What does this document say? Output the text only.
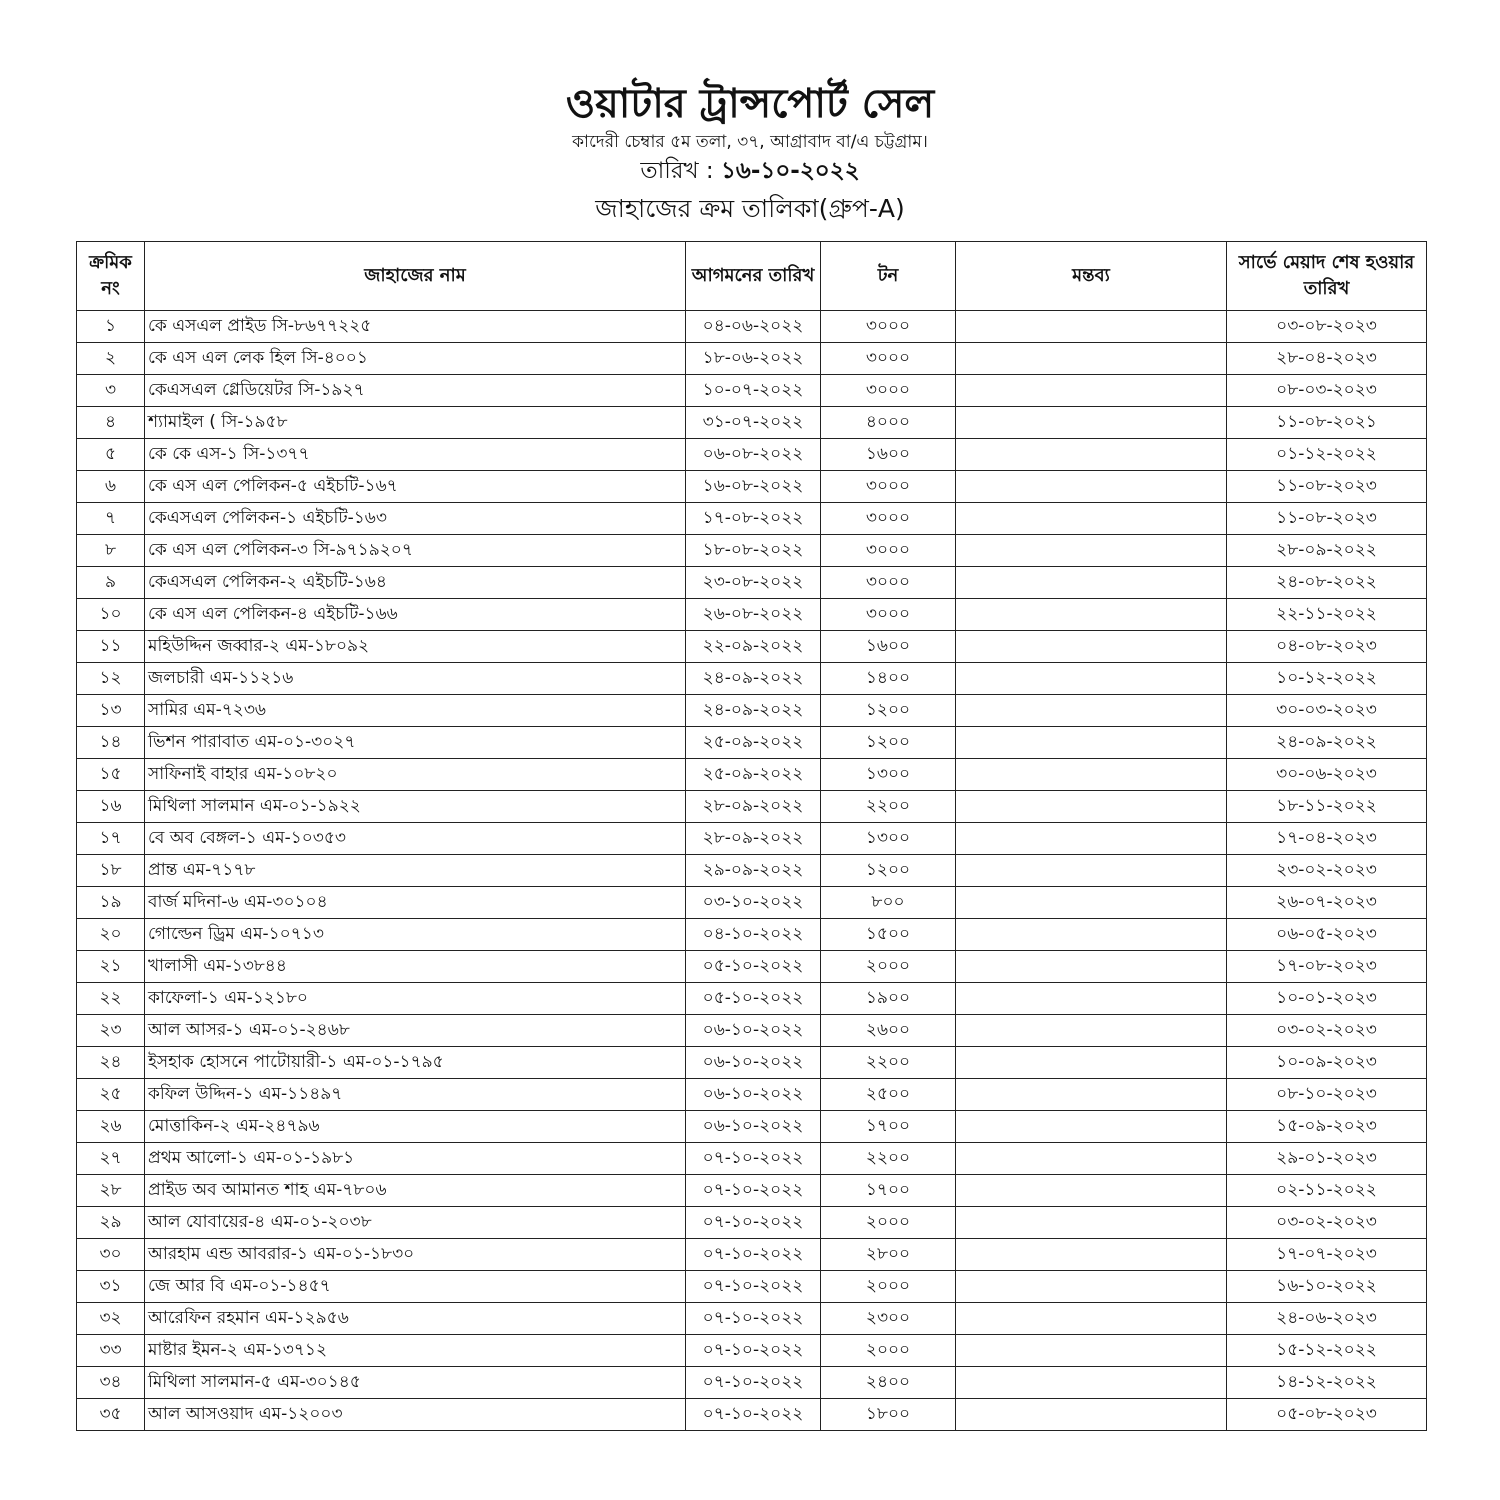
ওয়াটার ট্রান্সপোর্ট সেল
কাদেরী চেম্বার ৫ম তলা, ৩৭, আগ্রাবাদ বা/এ চট্টগ্রাম।
তারিখ : ১৬-১০-২০২২
জাহাজের ক্রম তালিকা(গ্রুপ-A)
ক্রমিক নং	জাহাজের নাম	আগমনের তারিখ	টন	মন্তব্য	সার্ভে মেয়াদ শেষ হওয়ার তারিখ
১	কে এসএল প্রাইড সি-৮৬৭৭২২৫	০৪-০৬-২০২২	৩০০০		০৩-০৮-২০২৩
২	কে এস এল লেক হিল সি-৪০০১	১৮-০৬-২০২২	৩০০০		২৮-০৪-২০২৩
৩	কেএসএল গ্লেডিয়েটর সি-১৯২৭	১০-০৭-২০২২	৩০০০		০৮-০৩-২০২৩
৪	শ্যামাইল ( সি-১৯৫৮	৩১-০৭-২০২২	৪০০০		১১-০৮-২০২১
৫	কে কে এস-১ সি-১৩৭৭	০৬-০৮-২০২২	১৬০০		০১-১২-২০২২
৬	কে এস এল পেলিকন-৫ এইচটি-১৬৭	১৬-০৮-২০২২	৩০০০		১১-০৮-২০২৩
৭	কেএসএল পেলিকন-১ এইচটি-১৬৩	১৭-০৮-২০২২	৩০০০		১১-০৮-২০২৩
৮	কে এস এল পেলিকন-৩ সি-৯৭১৯২০৭	১৮-০৮-২০২২	৩০০০		২৮-০৯-২০২২
৯	কেএসএল পেলিকন-২ এইচটি-১৬৪	২৩-০৮-২০২২	৩০০০		২৪-০৮-২০২২
১০	কে এস এল পেলিকন-৪ এইচটি-১৬৬	২৬-০৮-২০২২	৩০০০		২২-১১-২০২২
১১	মহিউদ্দিন জব্বার-২ এম-১৮০৯২	২২-০৯-২০২২	১৬০০		০৪-০৮-২০২৩
১২	জলচারী এম-১১২১৬	২৪-০৯-২০২২	১৪০০		১০-১২-২০২২
১৩	সামির এম-৭২৩৬	২৪-০৯-২০২২	১২০০		৩০-০৩-২০২৩
১৪	ভিশন পারাবাত এম-০১-৩০২৭	২৫-০৯-২০২২	১২০০		২৪-০৯-২০২২
১৫	সাফিনাই বাহার এম-১০৮২০	২৫-০৯-২০২২	১৩০০		৩০-০৬-২০২৩
১৬	মিথিলা সালমান এম-০১-১৯২২	২৮-০৯-২০২২	২২০০		১৮-১১-২০২২
১৭	বে অব বেঙ্গল-১ এম-১০৩৫৩	২৮-০৯-২০২২	১৩০০		১৭-০৪-২০২৩
১৮	প্রান্ত এম-৭১৭৮	২৯-০৯-২০২২	১২০০		২৩-০২-২০২৩
১৯	বার্জ মদিনা-৬ এম-৩০১০৪	০৩-১০-২০২২	৮০০		২৬-০৭-২০২৩
২০	গোল্ডেন ড্রিম এম-১০৭১৩	০৪-১০-২০২২	১৫০০		০৬-০৫-২০২৩
২১	খালাসী এম-১৩৮৪৪	০৫-১০-২০২২	২০০০		১৭-০৮-২০২৩
২২	কাফেলা-১ এম-১২১৮০	০৫-১০-২০২২	১৯০০		১০-০১-২০২৩
২৩	আল আসর-১ এম-০১-২৪৬৮	০৬-১০-২০২২	২৬০০		০৩-০২-২০২৩
২৪	ইসহাক হোসনে পাটোয়ারী-১ এম-০১-১৭৯৫	০৬-১০-২০২২	২২০০		১০-০৯-২০২৩
২৫	কফিল উদ্দিন-১ এম-১১৪৯৭	০৬-১০-২০২২	২৫০০		০৮-১০-২০২৩
২৬	মোত্তাকিন-২ এম-২৪৭৯৬	০৬-১০-২০২২	১৭০০		১৫-০৯-২০২৩
২৭	প্রথম আলো-১ এম-০১-১৯৮১	০৭-১০-২০২২	২২০০		২৯-০১-২০২৩
২৮	প্রাইড অব আমানত শাহ এম-৭৮০৬	০৭-১০-২০২২	১৭০০		০২-১১-২০২২
২৯	আল যোবায়ের-৪ এম-০১-২০৩৮	০৭-১০-২০২২	২০০০		০৩-০২-২০২৩
৩০	আরহাম এন্ড আবরার-১ এম-০১-১৮৩০	০৭-১০-২০২২	২৮০০		১৭-০৭-২০২৩
৩১	জে আর বি এম-০১-১৪৫৭	০৭-১০-২০২২	২০০০		১৬-১০-২০২২
৩২	আরেফিন রহমান এম-১২৯৫৬	০৭-১০-২০২২	২৩০০		২৪-০৬-২০২৩
৩৩	মাষ্টার ইমন-২ এম-১৩৭১২	০৭-১০-২০২২	২০০০		১৫-১২-২০২২
৩৪	মিথিলা সালমান-৫ এম-৩০১৪৫	০৭-১০-২০২২	২৪০০		১৪-১২-২০২২
৩৫	আল আসওয়াদ এম-১২০০৩	০৭-১০-২০২২	১৮০০		০৫-০৮-২০২৩
